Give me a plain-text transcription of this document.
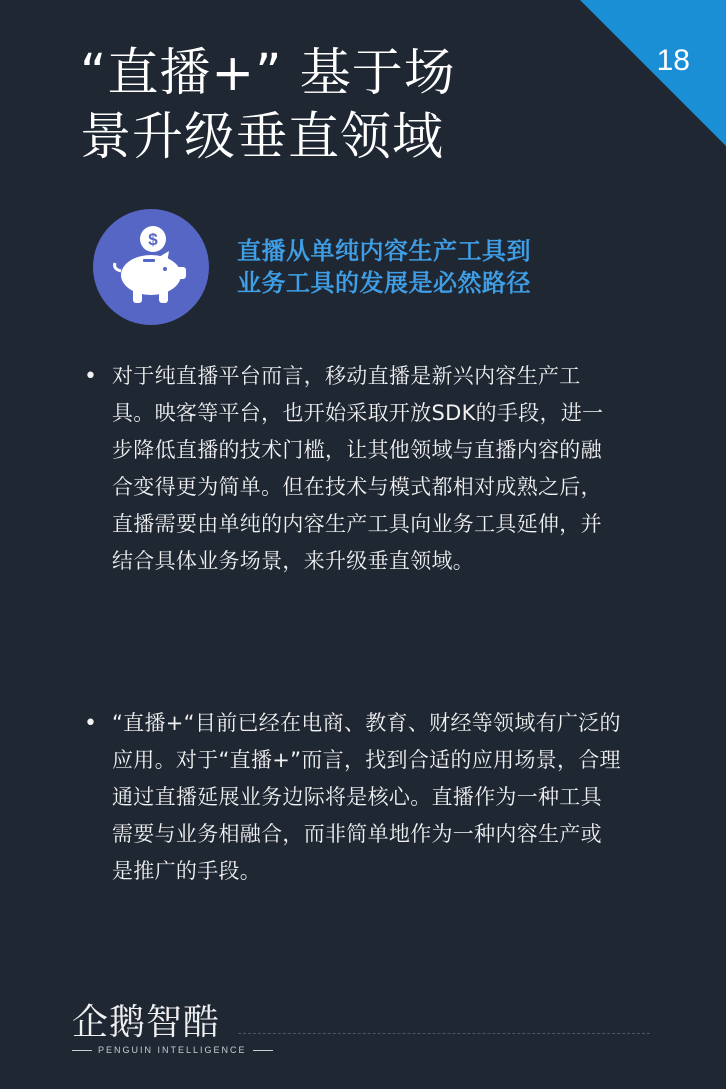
18
“直播+” 基于场
景升级垂直领域
$	直播从单纯内容生产工具到
业务工具的发展是必然路径
• 对于纯直播平台而言，移动直播是新兴内容生产工具。映客等平台，也开始采取开放SDK的手段，进一步降低直播的技术门槛，让其他领域与直播内容的融合变得更为简单。但在技术与模式都相对成熟之后，直播需要由单纯的内容生产工具向业务工具延伸，并结合具体业务场景，来升级垂直领域。

• “直播+“目前已经在电商、教育、财经等领域有广泛的应用。对于“直播+”而言，找到合适的应用场景，合理通过直播延展业务边际将是核心。直播作为一种工具需要与业务相融合，而非简单地作为一种内容生产或是推广的手段。

企鹅智酷
PENGUIN INTELLIGENCE
